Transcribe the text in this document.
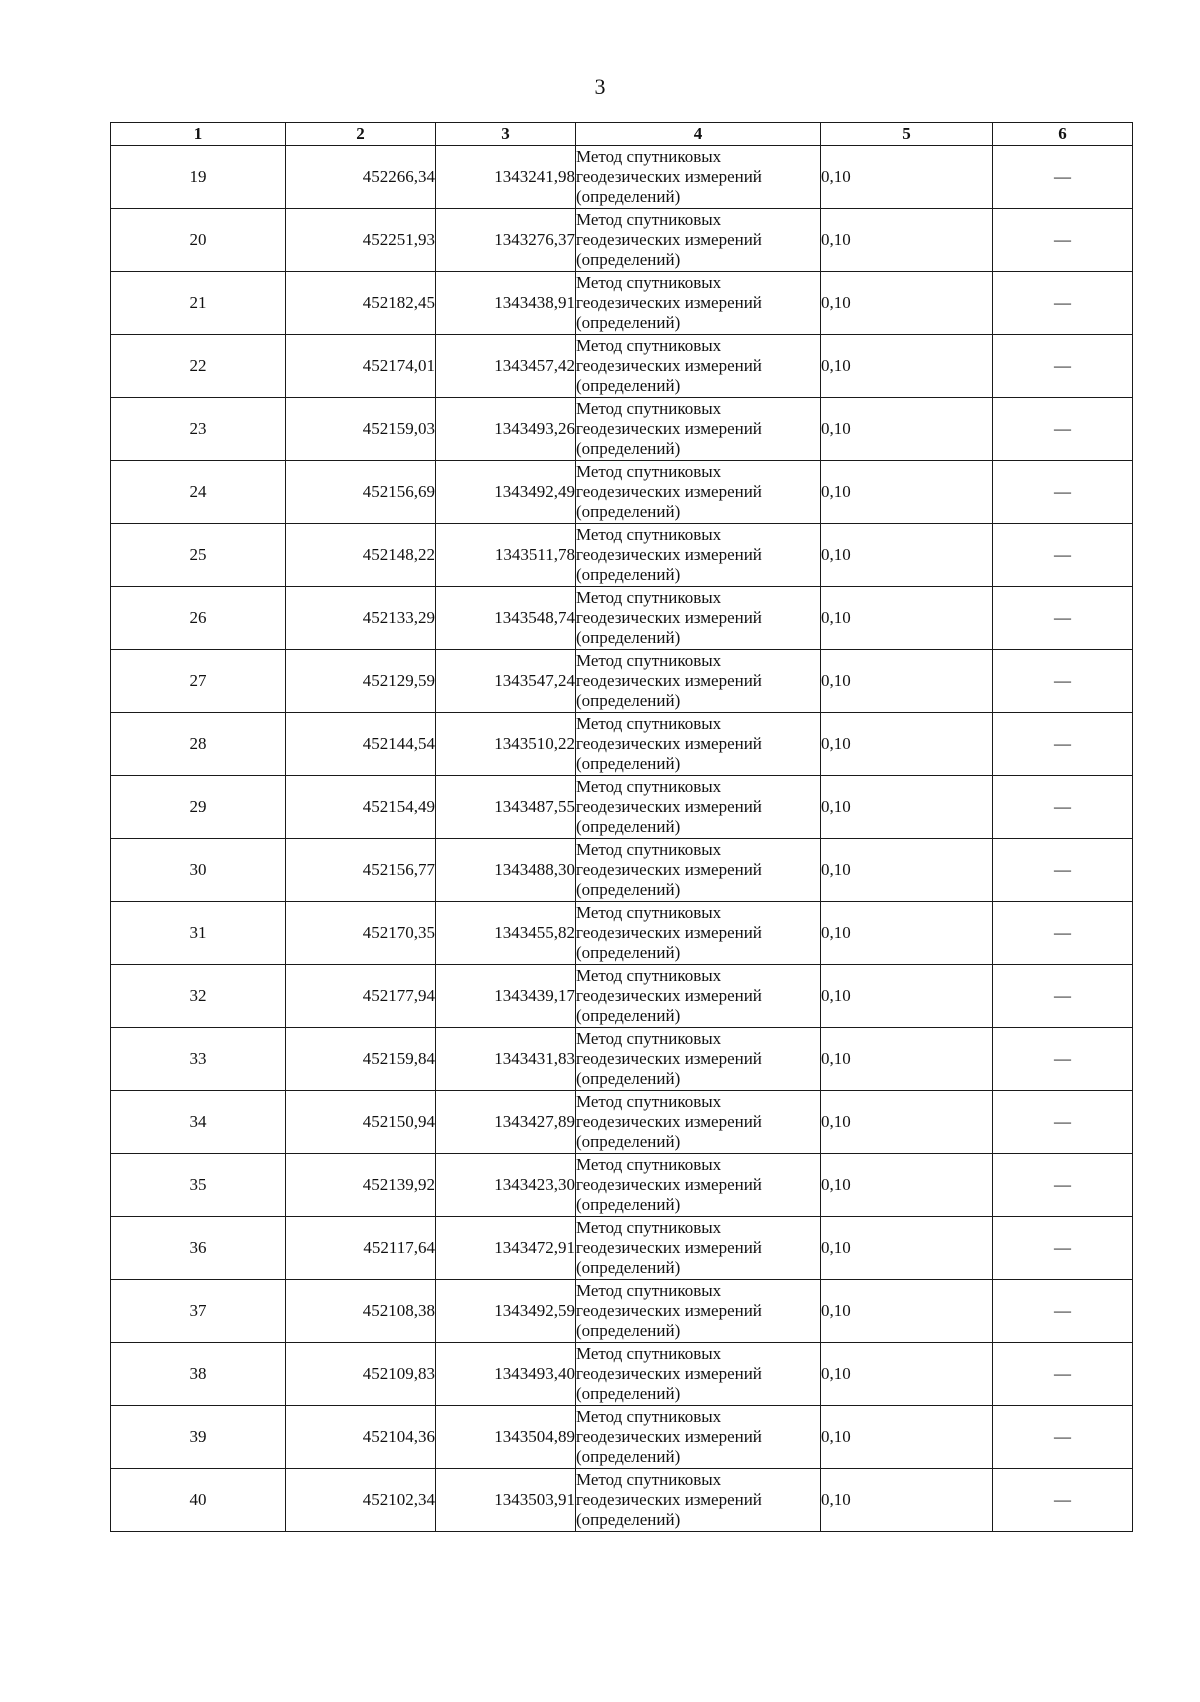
3
1	2	3	4	5	6
19	452266,34	1343241,98	Метод спутниковых
геодезических измерений
(определений)	0,10	—
20	452251,93	1343276,37	Метод спутниковых
геодезических измерений
(определений)	0,10	—
21	452182,45	1343438,91	Метод спутниковых
геодезических измерений
(определений)	0,10	—
22	452174,01	1343457,42	Метод спутниковых
геодезических измерений
(определений)	0,10	—
23	452159,03	1343493,26	Метод спутниковых
геодезических измерений
(определений)	0,10	—
24	452156,69	1343492,49	Метод спутниковых
геодезических измерений
(определений)	0,10	—
25	452148,22	1343511,78	Метод спутниковых
геодезических измерений
(определений)	0,10	—
26	452133,29	1343548,74	Метод спутниковых
геодезических измерений
(определений)	0,10	—
27	452129,59	1343547,24	Метод спутниковых
геодезических измерений
(определений)	0,10	—
28	452144,54	1343510,22	Метод спутниковых
геодезических измерений
(определений)	0,10	—
29	452154,49	1343487,55	Метод спутниковых
геодезических измерений
(определений)	0,10	—
30	452156,77	1343488,30	Метод спутниковых
геодезических измерений
(определений)	0,10	—
31	452170,35	1343455,82	Метод спутниковых
геодезических измерений
(определений)	0,10	—
32	452177,94	1343439,17	Метод спутниковых
геодезических измерений
(определений)	0,10	—
33	452159,84	1343431,83	Метод спутниковых
геодезических измерений
(определений)	0,10	—
34	452150,94	1343427,89	Метод спутниковых
геодезических измерений
(определений)	0,10	—
35	452139,92	1343423,30	Метод спутниковых
геодезических измерений
(определений)	0,10	—
36	452117,64	1343472,91	Метод спутниковых
геодезических измерений
(определений)	0,10	—
37	452108,38	1343492,59	Метод спутниковых
геодезических измерений
(определений)	0,10	—
38	452109,83	1343493,40	Метод спутниковых
геодезических измерений
(определений)	0,10	—
39	452104,36	1343504,89	Метод спутниковых
геодезических измерений
(определений)	0,10	—
40	452102,34	1343503,91	Метод спутниковых
геодезических измерений
(определений)	0,10	—
